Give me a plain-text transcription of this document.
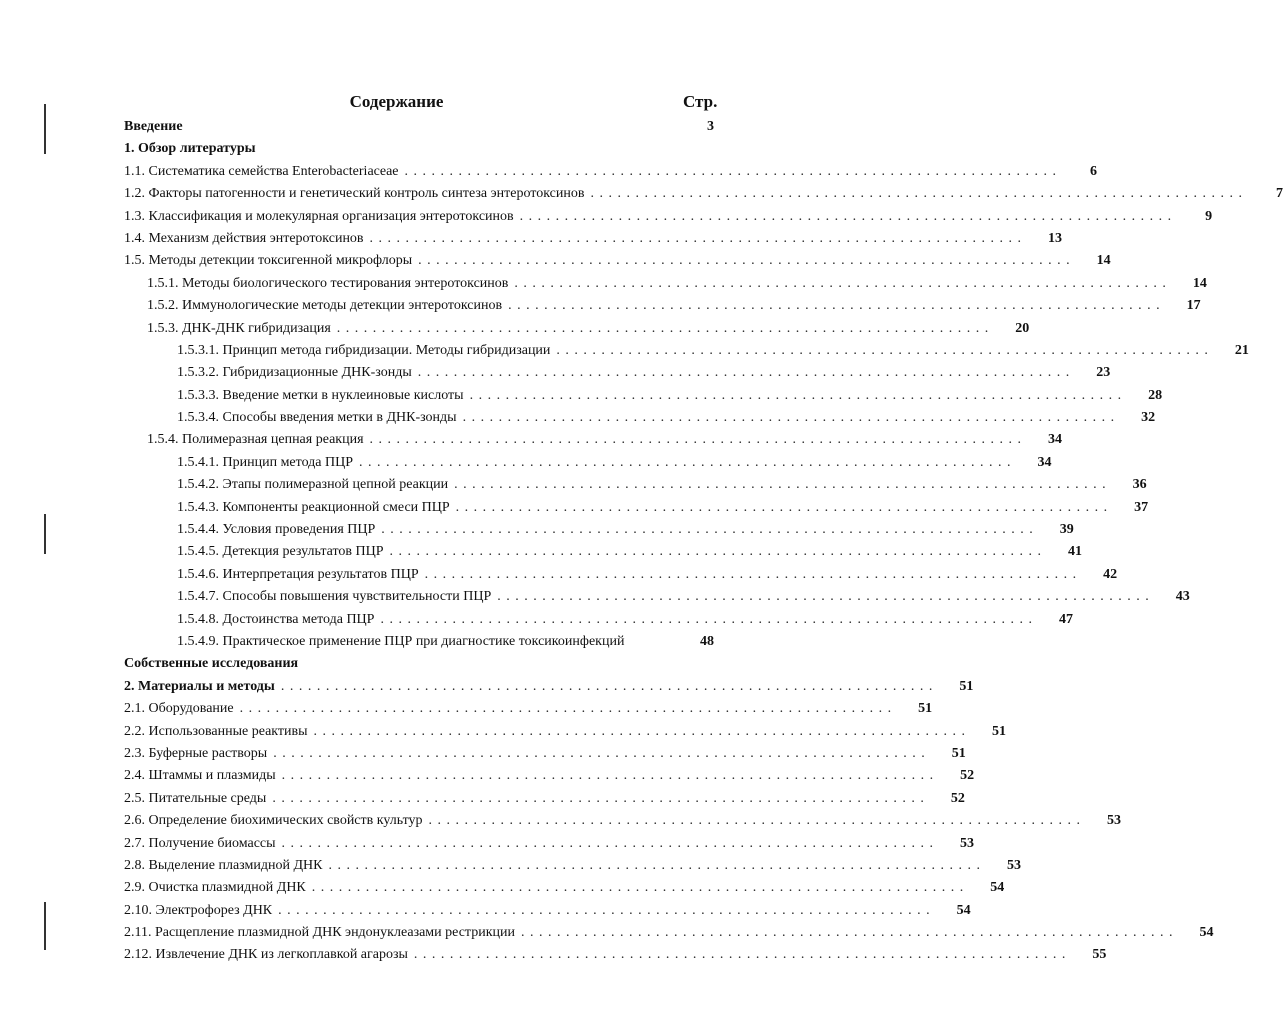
Содержание	Стр.
Введение	3
1. Обзор литературы
1.1. Систематика семейства Enterobacteriaceae . . . . . . . . . . . . . . . . . . . . . . . . . . . . . . . . . . . . . . . . . . . . . . . . . . . . . . . . . . . . . . . . . . . . . . . . .	6
1.2. Факторы патогенности и генетический контроль синтеза энтеротоксинов . . . . . . . . . . . . . . . . . . . . . . . . . . . . . . . . . . . . . . . . . . . . . . . . . . . . . . . . . . . . . . . . . . . . . . . . .	7
1.3. Классификация и молекулярная организация энтеротоксинов . . . . . . . . . . . . . . . . . . . . . . . . . . . . . . . . . . . . . . . . . . . . . . . . . . . . . . . . . . . . . . . . . . . . . . . . .	9
1.4. Механизм действия энтеротоксинов . . . . . . . . . . . . . . . . . . . . . . . . . . . . . . . . . . . . . . . . . . . . . . . . . . . . . . . . . . . . . . . . . . . . . . . . .	13
1.5. Методы детекции токсигенной микрофлоры . . . . . . . . . . . . . . . . . . . . . . . . . . . . . . . . . . . . . . . . . . . . . . . . . . . . . . . . . . . . . . . . . . . . . . . . .	14
1.5.1. Методы биологического тестирования энтеротоксинов . . . . . . . . . . . . . . . . . . . . . . . . . . . . . . . . . . . . . . . . . . . . . . . . . . . . . . . . . . . . . . . . . . . . . . . . .	14
1.5.2. Иммунологические методы детекции энтеротоксинов . . . . . . . . . . . . . . . . . . . . . . . . . . . . . . . . . . . . . . . . . . . . . . . . . . . . . . . . . . . . . . . . . . . . . . . . .	17
1.5.3. ДНК-ДНК гибридизация . . . . . . . . . . . . . . . . . . . . . . . . . . . . . . . . . . . . . . . . . . . . . . . . . . . . . . . . . . . . . . . . . . . . . . . . .	20
1.5.3.1. Принцип метода гибридизации. Методы гибридизации . . . . . . . . . . . . . . . . . . . . . . . . . . . . . . . . . . . . . . . . . . . . . . . . . . . . . . . . . . . . . . . . . . . . . . . . .	21
1.5.3.2. Гибридизационные ДНК-зонды . . . . . . . . . . . . . . . . . . . . . . . . . . . . . . . . . . . . . . . . . . . . . . . . . . . . . . . . . . . . . . . . . . . . . . . . .	23
1.5.3.3. Введение метки в нуклеиновые кислоты . . . . . . . . . . . . . . . . . . . . . . . . . . . . . . . . . . . . . . . . . . . . . . . . . . . . . . . . . . . . . . . . . . . . . . . . .	28
1.5.3.4. Способы введения метки в ДНК-зонды . . . . . . . . . . . . . . . . . . . . . . . . . . . . . . . . . . . . . . . . . . . . . . . . . . . . . . . . . . . . . . . . . . . . . . . . .	32
1.5.4. Полимеразная цепная реакция . . . . . . . . . . . . . . . . . . . . . . . . . . . . . . . . . . . . . . . . . . . . . . . . . . . . . . . . . . . . . . . . . . . . . . . . .	34
1.5.4.1. Принцип метода ПЦР . . . . . . . . . . . . . . . . . . . . . . . . . . . . . . . . . . . . . . . . . . . . . . . . . . . . . . . . . . . . . . . . . . . . . . . . .	34
1.5.4.2. Этапы полимеразной цепной реакции . . . . . . . . . . . . . . . . . . . . . . . . . . . . . . . . . . . . . . . . . . . . . . . . . . . . . . . . . . . . . . . . . . . . . . . . .	36
1.5.4.3. Компоненты реакционной смеси ПЦР . . . . . . . . . . . . . . . . . . . . . . . . . . . . . . . . . . . . . . . . . . . . . . . . . . . . . . . . . . . . . . . . . . . . . . . . .	37
1.5.4.4. Условия проведения ПЦР . . . . . . . . . . . . . . . . . . . . . . . . . . . . . . . . . . . . . . . . . . . . . . . . . . . . . . . . . . . . . . . . . . . . . . . . .	39
1.5.4.5. Детекция результатов ПЦР . . . . . . . . . . . . . . . . . . . . . . . . . . . . . . . . . . . . . . . . . . . . . . . . . . . . . . . . . . . . . . . . . . . . . . . . .	41
1.5.4.6. Интерпретация результатов ПЦР . . . . . . . . . . . . . . . . . . . . . . . . . . . . . . . . . . . . . . . . . . . . . . . . . . . . . . . . . . . . . . . . . . . . . . . . .	42
1.5.4.7. Способы повышения чувствительности ПЦР . . . . . . . . . . . . . . . . . . . . . . . . . . . . . . . . . . . . . . . . . . . . . . . . . . . . . . . . . . . . . . . . . . . . . . . . .	43
1.5.4.8. Достоинства метода ПЦР . . . . . . . . . . . . . . . . . . . . . . . . . . . . . . . . . . . . . . . . . . . . . . . . . . . . . . . . . . . . . . . . . . . . . . . . .	47
1.5.4.9. Практическое применение ПЦР при диагностике токсикоинфекций	48
Собственные исследования
2. Материалы и методы . . . . . . . . . . . . . . . . . . . . . . . . . . . . . . . . . . . . . . . . . . . . . . . . . . . . . . . . . . . . . . . . . . . . . . . . .	51
2.1. Оборудование . . . . . . . . . . . . . . . . . . . . . . . . . . . . . . . . . . . . . . . . . . . . . . . . . . . . . . . . . . . . . . . . . . . . . . . . .	51
2.2. Использованные реактивы . . . . . . . . . . . . . . . . . . . . . . . . . . . . . . . . . . . . . . . . . . . . . . . . . . . . . . . . . . . . . . . . . . . . . . . . .	51
2.3. Буферные растворы . . . . . . . . . . . . . . . . . . . . . . . . . . . . . . . . . . . . . . . . . . . . . . . . . . . . . . . . . . . . . . . . . . . . . . . . .	51
2.4. Штаммы и плазмиды . . . . . . . . . . . . . . . . . . . . . . . . . . . . . . . . . . . . . . . . . . . . . . . . . . . . . . . . . . . . . . . . . . . . . . . . .	52
2.5. Питательные среды . . . . . . . . . . . . . . . . . . . . . . . . . . . . . . . . . . . . . . . . . . . . . . . . . . . . . . . . . . . . . . . . . . . . . . . . .	52
2.6. Определение биохимических свойств культур . . . . . . . . . . . . . . . . . . . . . . . . . . . . . . . . . . . . . . . . . . . . . . . . . . . . . . . . . . . . . . . . . . . . . . . . .	53
2.7. Получение биомассы . . . . . . . . . . . . . . . . . . . . . . . . . . . . . . . . . . . . . . . . . . . . . . . . . . . . . . . . . . . . . . . . . . . . . . . . .	53
2.8. Выделение плазмидной ДНК . . . . . . . . . . . . . . . . . . . . . . . . . . . . . . . . . . . . . . . . . . . . . . . . . . . . . . . . . . . . . . . . . . . . . . . . .	53
2.9. Очистка плазмидной ДНК . . . . . . . . . . . . . . . . . . . . . . . . . . . . . . . . . . . . . . . . . . . . . . . . . . . . . . . . . . . . . . . . . . . . . . . . .	54
2.10. Электрофорез ДНК . . . . . . . . . . . . . . . . . . . . . . . . . . . . . . . . . . . . . . . . . . . . . . . . . . . . . . . . . . . . . . . . . . . . . . . . .	54
2.11. Расщепление плазмидной ДНК эндонуклеазами рестрикции . . . . . . . . . . . . . . . . . . . . . . . . . . . . . . . . . . . . . . . . . . . . . . . . . . . . . . . . . . . . . . . . . . . . . . . . .	54
2.12. Извлечение ДНК из легкоплавкой агарозы . . . . . . . . . . . . . . . . . . . . . . . . . . . . . . . . . . . . . . . . . . . . . . . . . . . . . . . . . . . . . . . . . . . . . . . . .	55
